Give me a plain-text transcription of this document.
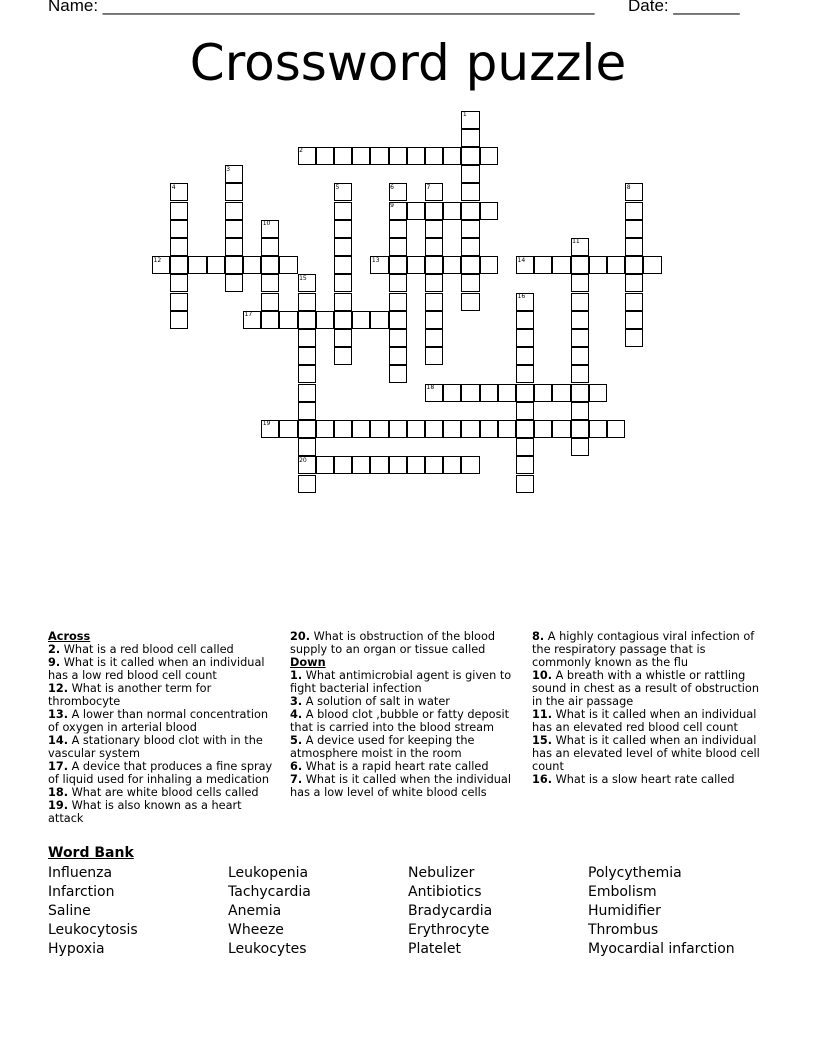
Name: ____________________________________________________ Date: _______
Crossword puzzle
1
2
3
4	5	6	7	8
9
10
11
12	13	14
15
16
17
18
19
20
Across
2. What is a red blood cell called
9. What is it called when an individual has a low red blood cell count
12. What is another term for thrombocyte
13. A lower than normal concentration of oxygen in arterial blood
14. A stationary blood clot with in the vascular system
17. A device that produces a fine spray of liquid used for inhaling a medication
18. What are white blood cells called
19. What is also known as a heart attack
20. What is obstruction of the blood supply to an organ or tissue called
Down
1. What antimicrobial agent is given to fight bacterial infection
3. A solution of salt in water
4. A blood clot ,bubble or fatty deposit that is carried into the blood stream
5. A device used for keeping the atmosphere moist in the room
6. What is a rapid heart rate called
7. What is it called when the individual has a low level of white blood cells
8. A highly contagious viral infection of the respiratory passage that is commonly known as the flu
10. A breath with a whistle or rattling sound in chest as a result of obstruction in the air passage
11. What is it called when an individual has an elevated red blood cell count
15. What is it called when an individual has an elevated level of white blood cell count
16. What is a slow heart rate called
Word Bank
Influenza
Infarction
Saline
Leukocytosis
Hypoxia
Leukopenia
Tachycardia
Anemia
Wheeze
Leukocytes
Nebulizer
Antibiotics
Bradycardia
Erythrocyte
Platelet
Polycythemia
Embolism
Humidifier
Thrombus
Myocardial infarction
